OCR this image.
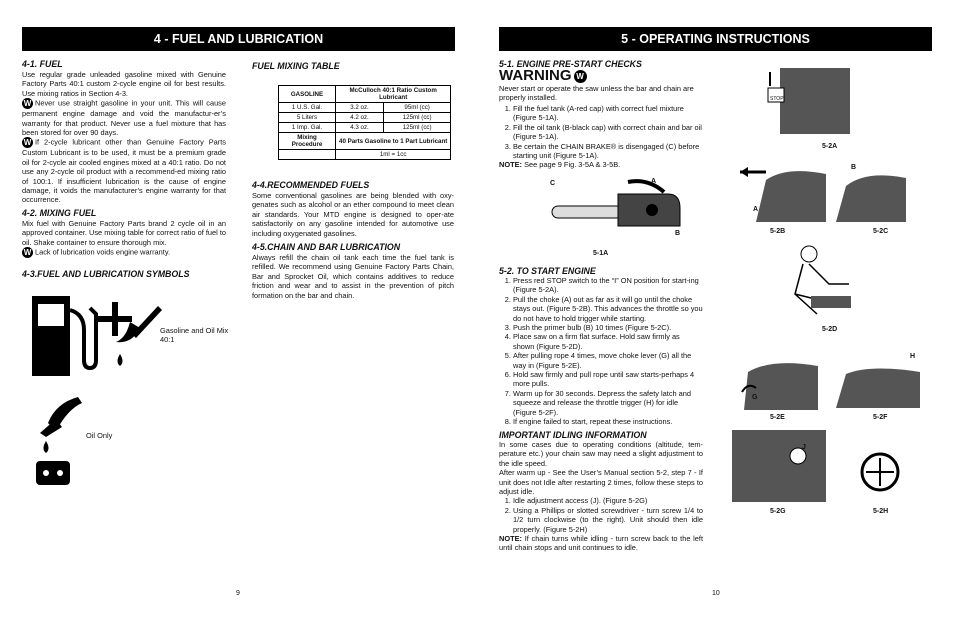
4 - FUEL AND LUBRICATION
4-1. FUEL
Use regular grade unleaded gasoline mixed with Genuine Factory Parts 40:1 custom 2-cycle engine oil for best results. Use mixing ratios in Section 4-3.
W Never use straight gasoline in your unit. This will cause permanent engine damage and void the manufactur-er’s warranty for that product. Never use a fuel mixture that has been stored for over 90 days.
W If 2-cycle lubricant other than Genuine Factory Parts Custom Lubricant is to be used, it must be a premium grade oil for 2-cycle air cooled engines mixed at a 40:1 ratio. Do not use any 2-cycle oil product with a recommend-ed mixing ratio of 100:1. If insufficient lubrication is the cause of engine damage, it voids the manufacturer’s engine warranty for that occurrence.
4-2. MIXING FUEL
Mix fuel with Genuine Factory Parts brand 2 cycle oil in an approved container. Use mixing table for correct ratio of fuel to oil. Shake container to ensure thorough mix.
W Lack of lubrication voids engine warranty.
4-3.FUEL AND LUBRICATION SYMBOLS
Gasoline and Oil Mix 40:1
Oil Only
FUEL MIXING TABLE
GASOLINE	McCulloch 40:1 Ratio Custom Lubricant	
1 U.S. Gal.	3.2 oz.	95ml (cc)
5 Liters	4.2 oz.	125ml (cc)
1 Imp. Gal.	4.3 oz.	125ml (cc)
Mixing Procedure	40 Parts Gasoline to 1 Part Lubricant	
	1ml = 1cc	
4-4.RECOMMENDED FUELS
Some conventional gasolines are being blended with oxy-genates such as alcohol or an ether compound to meet clean air standards. Your MTD engine is designed to oper-ate satisfactorily on any gasoline intended for automotive use including oxygenated gasolines.
4-5.CHAIN AND BAR LUBRICATION
Always refill the chain oil tank each time the fuel tank is refilled. We recommend using Genuine Factory Parts Chain, Bar and Sprocket Oil, which contains additives to reduce friction and wear and to assist in the prevention of pitch formation on the bar and chain.
9
5 - OPERATING INSTRUCTIONS
5-1. ENGINE PRE-START CHECKS
WARNING W
Never start or operate the saw unless the bar and chain are properly installed.
1. Fill the fuel tank (A-red cap) with correct fuel mixture (Figure 5-1A).
2. Fill the oil tank (B-black cap) with correct chain and bar oil (Figure 5-1A).
3. Be certain the CHAIN BRAKE® is disengaged (C) before starting unit (Figure 5-1A).
NOTE: See page 9 Fig. 3-5A & 3-5B.
C	A
B
5-1A
5-2. TO START ENGINE
1. Press red STOP switch to the “I” ON position for start-ing (Figure 5-2A).
2. Pull the choke (A) out as far as it will go until the choke stays out. (Figure 5-2B). This advances the throttle so you do not have to hold trigger while starting.
3. Push the primer bulb (B) 10 times (Figure 5-2C).
4. Place saw on a firm flat surface. Hold saw firmly as shown (Figure 5-2D).
5. After pulling rope 4 times, move choke lever (G) all the way in (Figure 5-2E).
6. Hold saw firmly and pull rope until saw starts-perhaps 4 more pulls.
7. Warm up for 30 seconds. Depress the safety latch and squeeze and release the throttle trigger (H) for idle (Figure 5-2F).
8. If engine failed to start, repeat these instructions.
IMPORTANT IDLING INFORMATION
In some cases due to operating conditions (altitude, tem-perature etc.) your chain saw may need a slight adjustment to the idle speed.
After warm up - See the User’s Manual section 5-2, step 7 - If unit does not Idle after restarting 2 times, follow these steps to adjust idle.
1. Idle adjustment access (J). (Figure 5-2G)
2. Using a Phillips or slotted screwdriver - turn screw 1/4 to 1/2 turn clockwise (to the right). Unit should then idle properly. (Figure 5-2H)
NOTE: If chain turns while idling - turn screw back to the left until chain stops and unit continues to idle.
STOP
5-2A
A
5-2B
B
5-2C
5-2D
G
5-2E
H
5-2F
J
5-2G	5-2H
10
